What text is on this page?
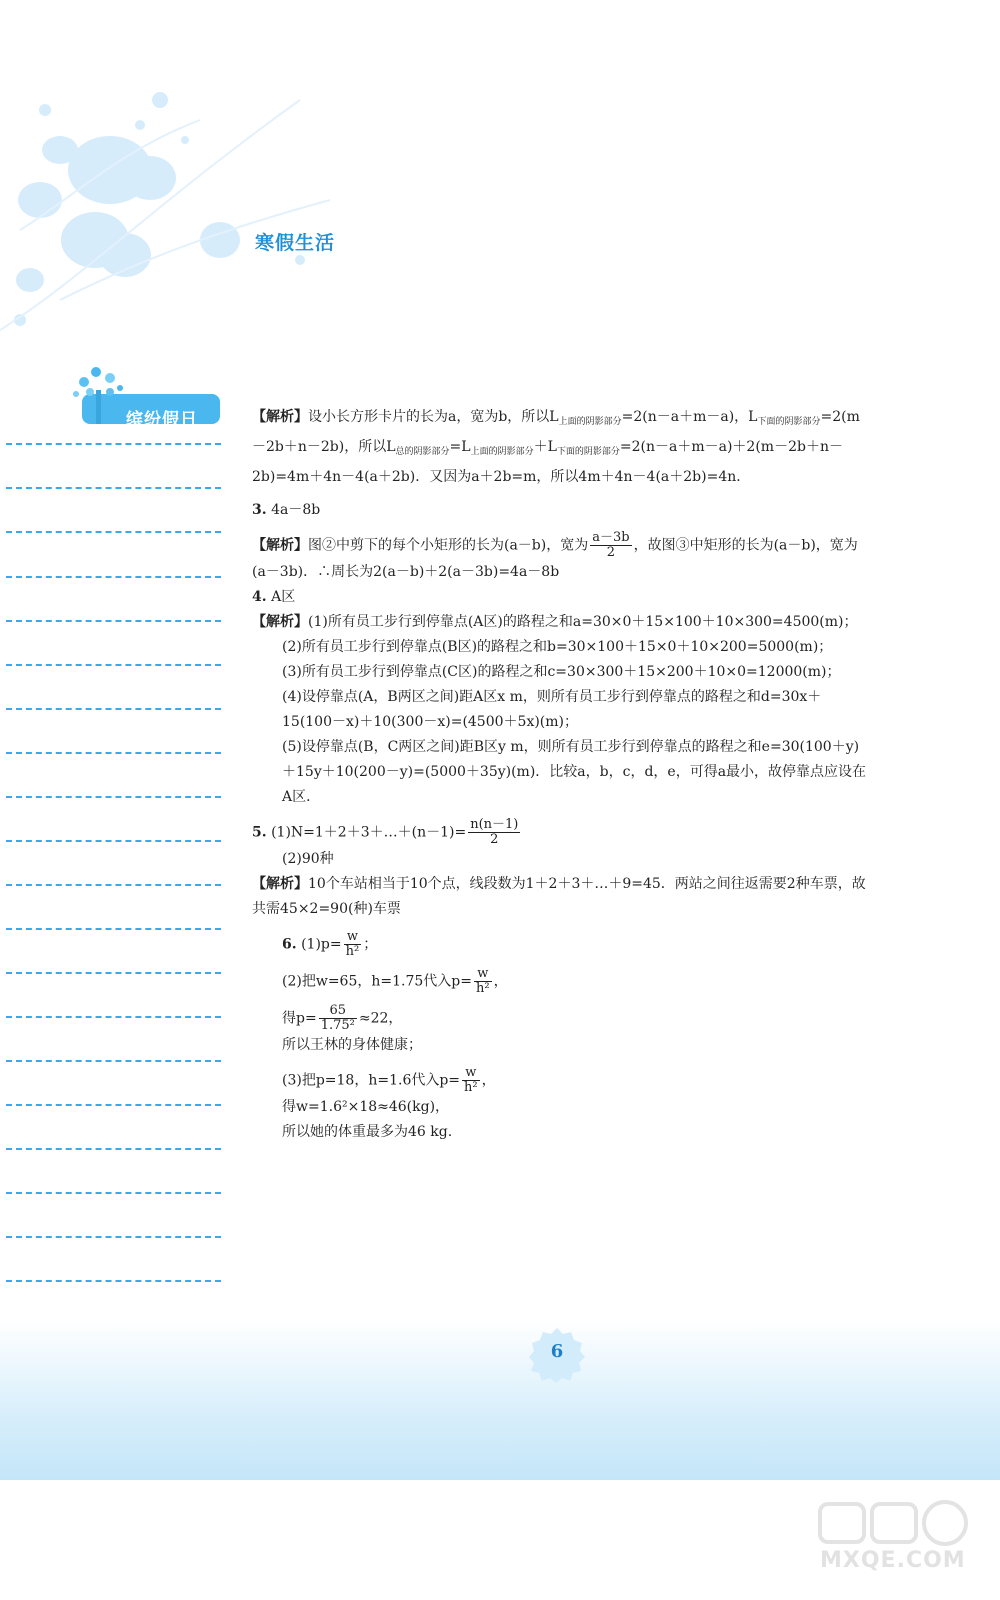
寒假生活
缤纷假日	【解析】设小长方形卡片的长为a，宽为b，所以$L_{上面的阴影部分}=2(n-a+m-a)$，$L_{下面的阴影部分}=2(m-2b+n-2b)$，所以$L_{总的阴影部分}=L_{上面的阴影部分}+L_{下面的阴影部分}=2(n-a+m-a)+2(m-2b+n-2b)=4m+4n-4(a+2b)$．又因为a＋2b=m，所以4m＋4n－4(a＋2b)=4n．

3. 4a－8b

【解析】图②中剪下的每个小矩形的长为(a－b)，宽为 $\frac{a-3b}{2}$ ，故图③中矩形的长为(a－b)，宽为(a－3b)．∴周长为2(a－b)＋2(a－3b)=4a－8b

4. A区

【解析】(1)所有员工步行到停靠点(A区)的路程之和a=30×0＋15×100＋10×300=4500(m)；

(2)所有员工步行到停靠点(B区)的路程之和b=30×100＋15×0＋10×200=5000(m)；

(3)所有员工步行到停靠点(C区)的路程之和c=30×300＋15×200＋10×0=12000(m)；

(4)设停靠点(A，B两区之间)距A区x m，则所有员工步行到停靠点的路程之和d=30x＋15(100－x)＋10(300－x)=(4500＋5x)(m)；

(5)设停靠点(B，C两区之间)距B区y m，则所有员工步行到停靠点的路程之和e=30(100＋y)＋15y＋10(200－y)=(5000＋35y)(m)．比较a，b，c，d，e，可得a最小，故停靠点应设在A区．

5. (1)N=1＋2＋3＋…＋(n－1)= $\frac{n(n-1)}{2}$

(2)90种

【解析】10个车站相当于10个点，线段数为1＋2＋3＋…＋9=45．两站之间往返需要2种车票，故共需45×2=90(种)车票

6. $(1)p= \frac{w}{\text{h²}}$ ；

(2)把w=65，h=1.75代入$p= \frac{w}{\text{h²}}$ ，

得$p= \frac{65}{\text{1.75²}} \approx 22$，

所以王林的身体健康；

(3)把p=18，h=1.6代入$p= \frac{w}{\text{h²}}$ ，

得w=1.6²×18≈46(kg)，

所以她的体重最多为46 kg.

6
MXQE.COM
